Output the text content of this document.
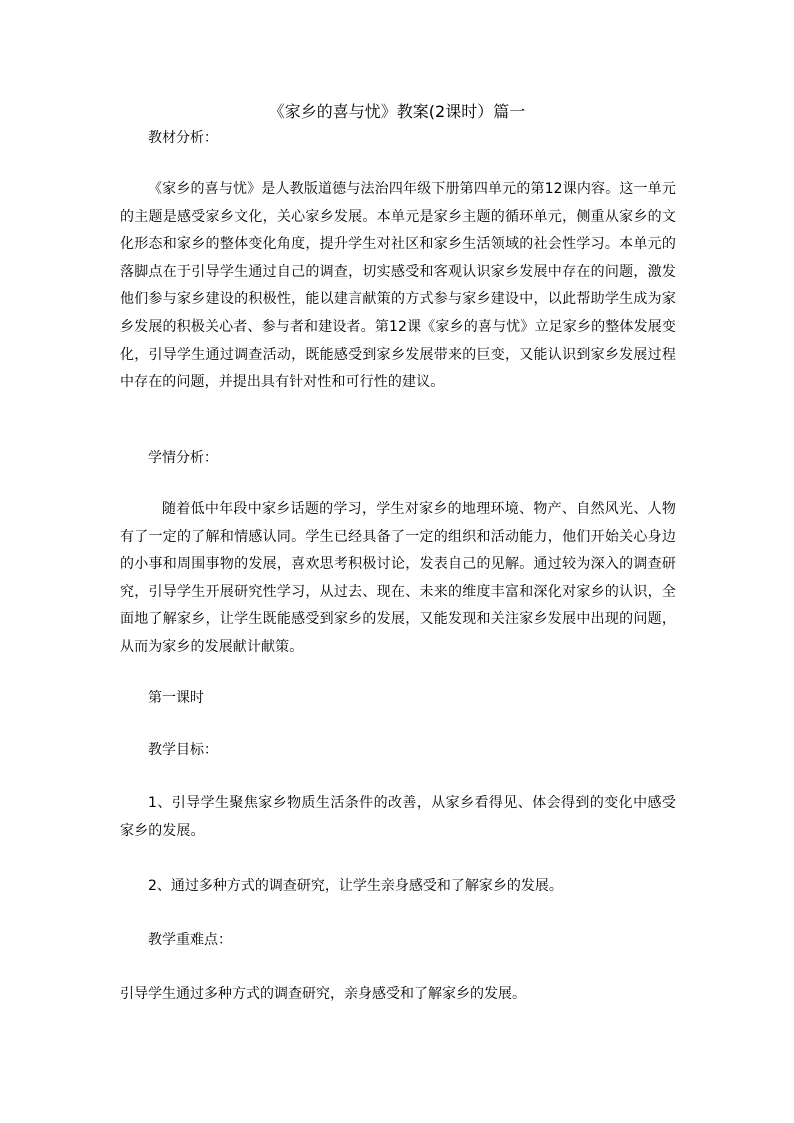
《家乡的喜与忧》教案(2课时）篇一
教材分析：
《家乡的喜与忧》是人教版道德与法治四年级下册第四单元的第12课内容。这一单元的主题是感受家乡文化，关心家乡发展。本单元是家乡主题的循环单元，侧重从家乡的文化形态和家乡的整体变化角度，提升学生对社区和家乡生活领域的社会性学习。本单元的落脚点在于引导学生通过自己的调查，切实感受和客观认识家乡发展中存在的问题，激发他们参与家乡建设的积极性，能以建言献策的方式参与家乡建设中，以此帮助学生成为家乡发展的积极关心者、参与者和建设者。第12课《家乡的喜与忧》立足家乡的整体发展变化，引导学生通过调查活动，既能感受到家乡发展带来的巨变，又能认识到家乡发展过程中存在的问题，并提出具有针对性和可行性的建议。
学情分析：
随着低中年段中家乡话题的学习，学生对家乡的地理环境、物产、自然风光、人物有了一定的了解和情感认同。学生已经具备了一定的组织和活动能力，他们开始关心身边的小事和周围事物的发展，喜欢思考积极讨论，发表自己的见解。通过较为深入的调查研究，引导学生开展研究性学习，从过去、现在、未来的维度丰富和深化对家乡的认识，全面地了解家乡，让学生既能感受到家乡的发展，又能发现和关注家乡发展中出现的问题，从而为家乡的发展献计献策。
第一课时
教学目标：
1、引导学生聚焦家乡物质生活条件的改善，从家乡看得见、体会得到的变化中感受家乡的发展。
2、通过多种方式的调查研究，让学生亲身感受和了解家乡的发展。
教学重难点：
引导学生通过多种方式的调查研究，亲身感受和了解家乡的发展。
